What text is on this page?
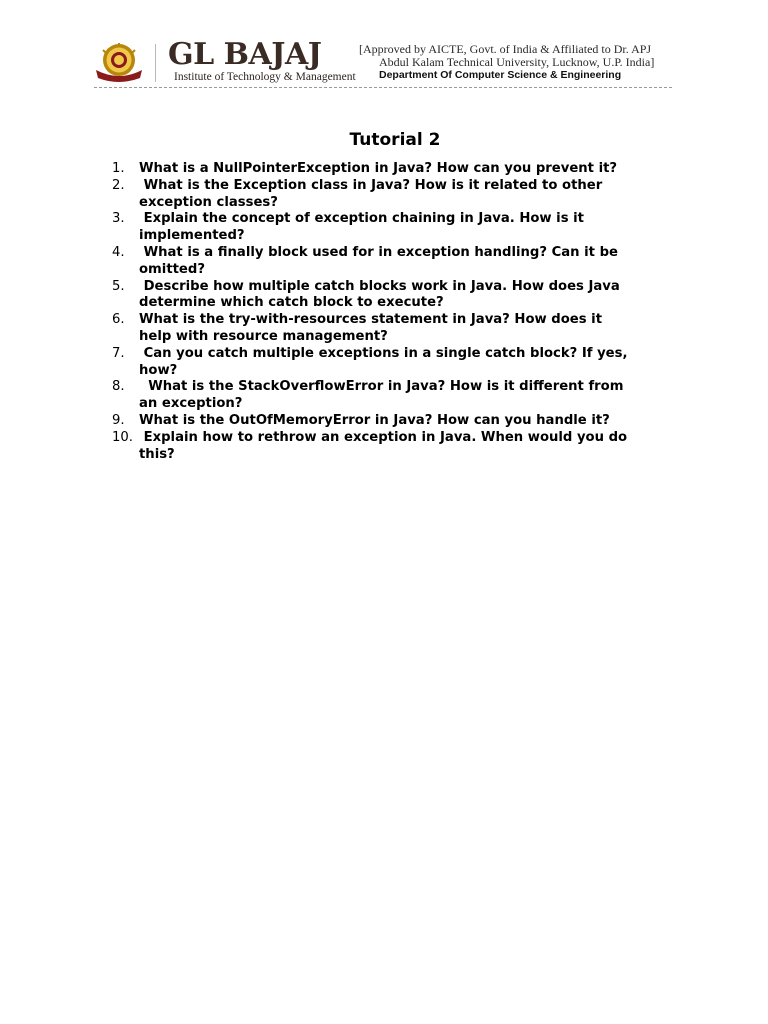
GL BAJAJ
Institute of Technology & Management
[Approved by AICTE, Govt. of India & Affiliated to Dr. APJ
Abdul Kalam Technical University, Lucknow, U.P. India]
Department Of Computer Science & Engineering
Tutorial 2
1.	What is a NullPointerException in Java? How can you prevent it?
2.	What is the Exception class in Java? How is it related to other
exception classes?
3.	Explain the concept of exception chaining in Java. How is it
implemented?
4.	What is a finally block used for in exception handling? Can it be
omitted?
5.	Describe how multiple catch blocks work in Java. How does Java
determine which catch block to execute?
6.	What is the try-with-resources statement in Java? How does it
help with resource management?
7.	Can you catch multiple exceptions in a single catch block? If yes,
how?
8.	What is the StackOverflowError in Java? How is it different from
an exception?
9.	What is the OutOfMemoryError in Java? How can you handle it?
10. Explain how to rethrow an exception in Java. When would you do
this?
